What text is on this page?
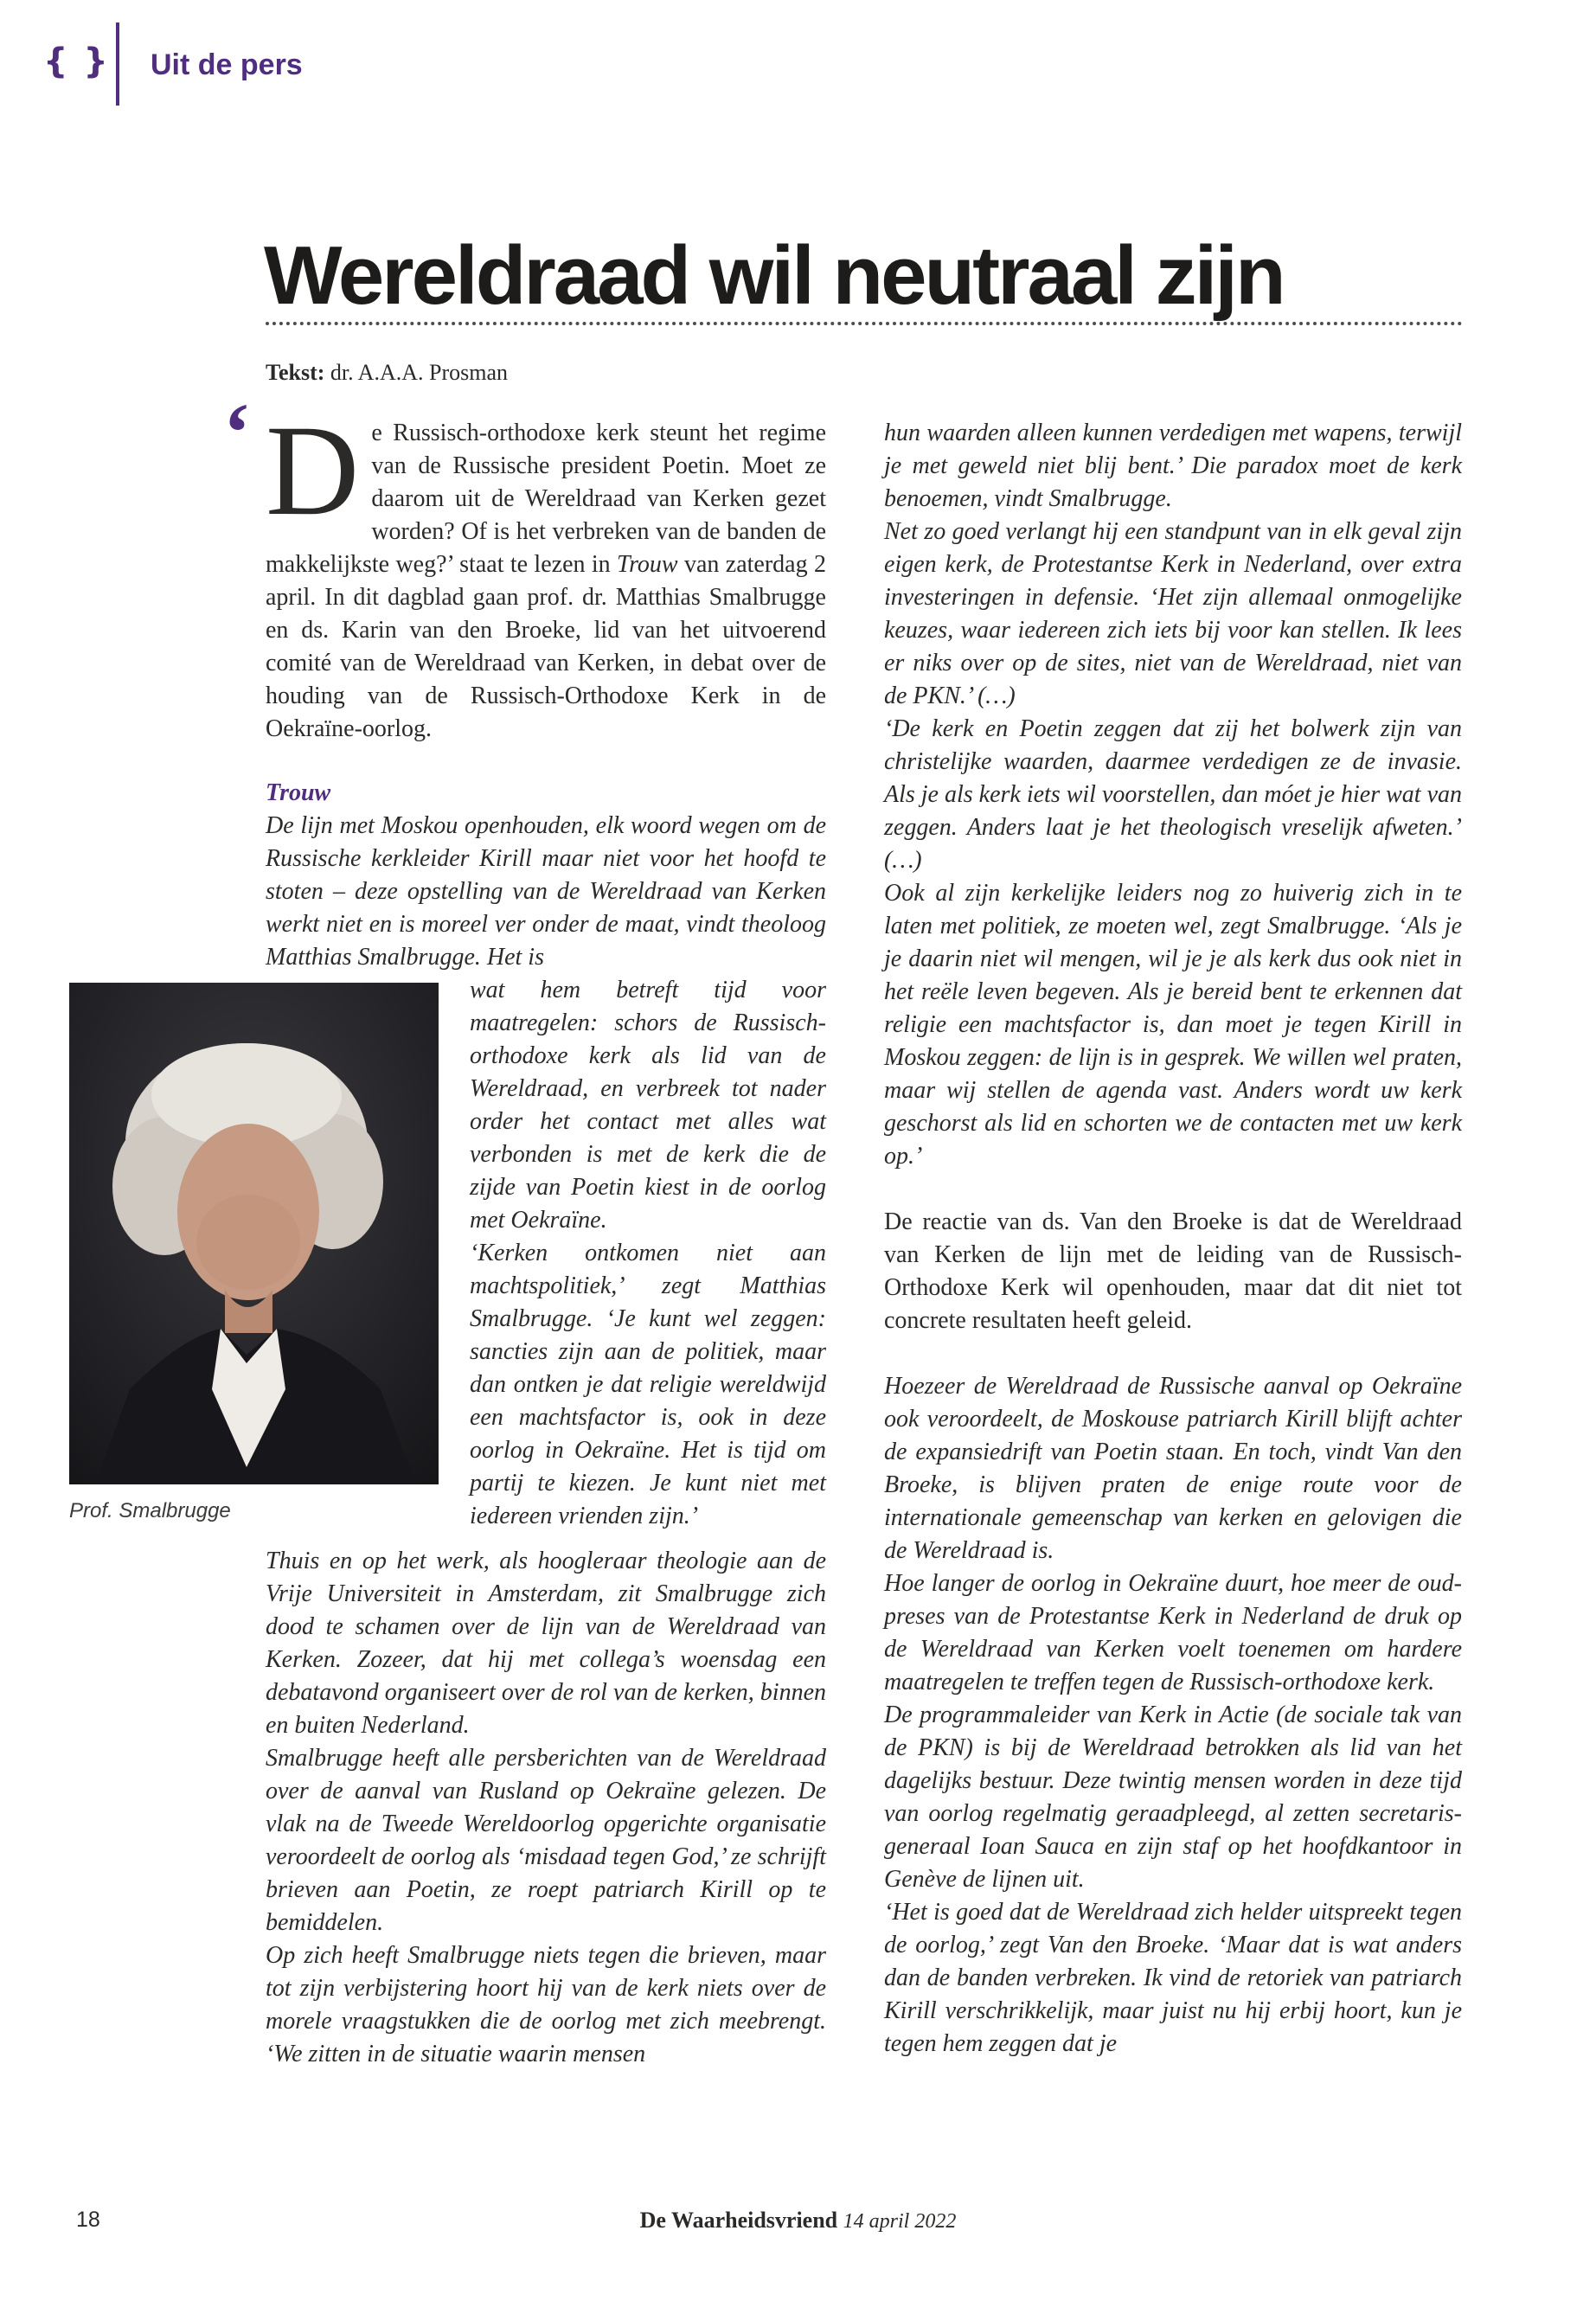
{ } Uit de pers
Wereldraad wil neutraal zijn
Tekst: dr. A.A.A. Prosman
‘ De Russisch-orthodoxe kerk steunt het regime van de Russische president Poetin. Moet ze daarom uit de Wereldraad van Kerken gezet worden? Of is het verbreken van de banden de makkelijkste weg?’ staat te lezen in Trouw van zaterdag 2 april. In dit dagblad gaan prof. dr. Matthias Smalbrugge en ds. Karin van den Broeke, lid van het uitvoerend comité van de Wereldraad van Kerken, in debat over de houding van de Russisch-Orthodoxe Kerk in de Oekraïne-oorlog.

Trouw

De lijn met Moskou openhouden, elk woord wegen om de Russische kerkleider Kirill maar niet voor het hoofd te stoten – deze opstelling van de Wereldraad van Kerken werkt niet en is moreel ver onder de maat, vindt theoloog Matthias Smalbrugge. Het is

Prof. Smalbrugge

wat hem betreft tijd voor maatregelen: schors de Russisch-orthodoxe kerk als lid van de Wereldraad, en verbreek tot nader order het contact met alles wat verbonden is met de kerk die de zijde van Poetin kiest in de oorlog met Oekraïne.

‘Kerken ontkomen niet aan machtspolitiek,’ zegt Matthias Smalbrugge. ‘Je kunt wel zeggen: sancties zijn aan de politiek, maar dan ontken je dat religie wereldwijd een machtsfactor is, ook in deze oorlog in Oekraïne. Het is tijd om partij te kiezen. Je kunt niet met iedereen vrienden zijn.’

Thuis en op het werk, als hoogleraar theologie aan de Vrije Universiteit in Amsterdam, zit Smalbrugge zich dood te schamen over de lijn van de Wereldraad van Kerken. Zozeer, dat hij met collega’s woensdag een debatavond organiseert over de rol van de kerken, binnen en buiten Nederland.

Smalbrugge heeft alle persberichten van de Wereldraad over de aanval van Rusland op Oekraïne gelezen. De vlak na de Tweede Wereldoorlog opgerichte organisatie veroordeelt de oorlog als ‘misdaad tegen God,’ ze schrijft brieven aan Poetin, ze roept patriarch Kirill op te bemiddelen.

Op zich heeft Smalbrugge niets tegen die brieven, maar tot zijn verbijstering hoort hij van de kerk niets over de morele vraagstukken die de oorlog met zich meebrengt. ‘We zitten in de situatie waarin mensen

hun waarden alleen kunnen verdedigen met wapens, terwijl je met geweld niet blij bent.’ Die paradox moet de kerk benoemen, vindt Smalbrugge.

Net zo goed verlangt hij een standpunt van in elk geval zijn eigen kerk, de Protestantse Kerk in Nederland, over extra investeringen in defensie. ‘Het zijn allemaal onmogelijke keuzes, waar iedereen zich iets bij voor kan stellen. Ik lees er niks over op de sites, niet van de Wereldraad, niet van de PKN.’ (…)

‘De kerk en Poetin zeggen dat zij het bolwerk zijn van christelijke waarden, daarmee verdedigen ze de invasie. Als je als kerk iets wil voorstellen, dan móet je hier wat van zeggen. Anders laat je het theologisch vreselijk afweten.’ (…)

Ook al zijn kerkelijke leiders nog zo huiverig zich in te laten met politiek, ze moeten wel, zegt Smalbrugge. ‘Als je je daarin niet wil mengen, wil je je als kerk dus ook niet in het reële leven begeven. Als je bereid bent te erkennen dat religie een machtsfactor is, dan moet je tegen Kirill in Moskou zeggen: de lijn is in gesprek. We willen wel praten, maar wij stellen de agenda vast. Anders wordt uw kerk geschorst als lid en schorten we de contacten met uw kerk op.’

De reactie van ds. Van den Broeke is dat de Wereldraad van Kerken de lijn met de leiding van de Russisch-Orthodoxe Kerk wil openhouden, maar dat dit niet tot concrete resultaten heeft geleid.

Hoezeer de Wereldraad de Russische aanval op Oekraïne ook veroordeelt, de Moskouse patriarch Kirill blijft achter de expansiedrift van Poetin staan. En toch, vindt Van den Broeke, is blijven praten de enige route voor de internationale gemeenschap van kerken en gelovigen die de Wereldraad is.

Hoe langer de oorlog in Oekraïne duurt, hoe meer de oud-preses van de Protestantse Kerk in Nederland de druk op de Wereldraad van Kerken voelt toenemen om hardere maatregelen te treffen tegen de Russisch-orthodoxe kerk.

De programmaleider van Kerk in Actie (de sociale tak van de PKN) is bij de Wereldraad betrokken als lid van het dagelijks bestuur. Deze twintig mensen worden in deze tijd van oorlog regelmatig geraadpleegd, al zetten secretaris-generaal Ioan Sauca en zijn staf op het hoofdkantoor in Genève de lijnen uit.

‘Het is goed dat de Wereldraad zich helder uitspreekt tegen de oorlog,’ zegt Van den Broeke. ‘Maar dat is wat anders dan de banden verbreken. Ik vind de retoriek van patriarch Kirill verschrikkelijk, maar juist nu hij erbij hoort, kun je tegen hem zeggen dat je

18	De Waarheidsvriend 14 april 2022
